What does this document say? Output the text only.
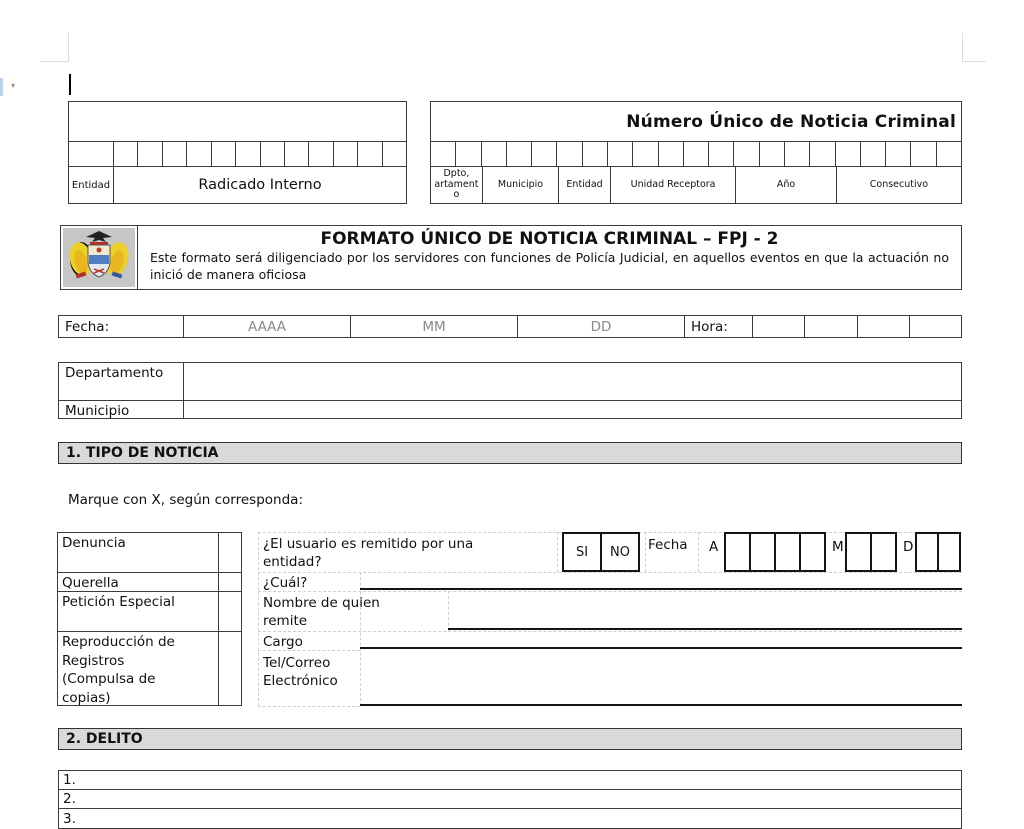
▾
Entidad	Radicado Interno
Número Único de Noticia Criminal
Dpto, artament o
Municipio	Entidad	Unidad Receptora	Año	Consecutivo
FORMATO ÚNICO DE NOTICIA CRIMINAL – FPJ - 2
Este formato será diligenciado por los servidores con funciones de Policía Judicial, en aquellos eventos en que la actuación no inició de manera oficiosa
Fecha:	AAAA	MM	DD	Hora:
Departamento
Municipio
1. TIPO DE NOTICIA
Marque con X, según corresponda:
Denuncia
Querella
Petición Especial
Reproducción de Registros (Compulsa de copias)
¿El usuario es remitido por una entidad?
SI	NO	Fecha A	M	D
¿Cuál?
Nombre de quien remite
Cargo
Tel/Correo Electrónico
2. DELITO
1.
2.
3.
